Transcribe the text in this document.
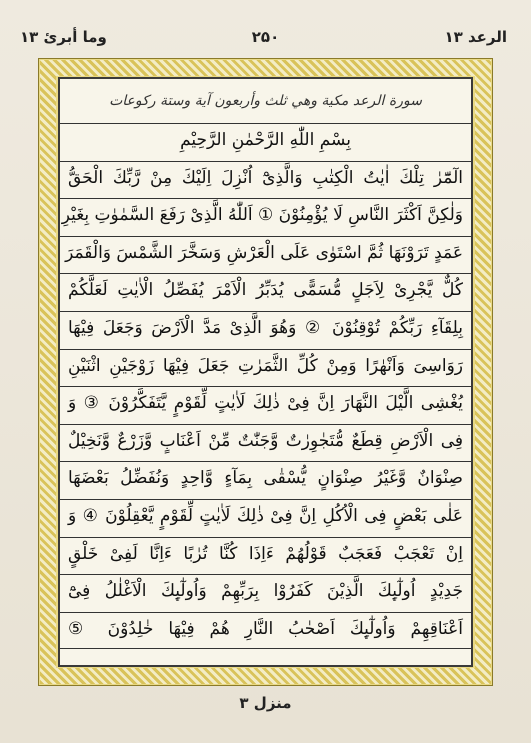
الرعد ۱۳
۲۵۰
وما أبرئ ۱۳
سورة الرعد مكية وهي ثلث وأربعون آية وستة ركوعات
بِسْمِ اللّٰهِ الرَّحْمٰنِ الرَّحِیْمِ
الٓمّٓرٰ تِلْكَ اٰیٰتُ الْكِتٰبِ وَالَّذِیْٓ اُنْزِلَ اِلَیْكَ مِنْ رَّبِّكَ الْحَقُّ
وَلٰكِنَّ اَكْثَرَ النَّاسِ لَا یُؤْمِنُوْنَ ① اَللّٰهُ الَّذِیْ رَفَعَ السَّمٰوٰتِ بِغَیْرِ
عَمَدٍ تَرَوْنَهَا ثُمَّ اسْتَوٰی عَلَی الْعَرْشِ وَسَخَّرَ الشَّمْسَ وَالْقَمَرَ
كُلٌّ یَّجْرِیْ لِاَجَلٍ مُّسَمًّی یُدَبِّرُ الْاَمْرَ یُفَصِّلُ الْاٰیٰتِ لَعَلَّكُمْ
بِلِقَآءِ رَبِّكُمْ تُوْقِنُوْنَ ② وَهُوَ الَّذِیْ مَدَّ الْاَرْضَ وَجَعَلَ فِیْهَا
رَوَاسِیَ وَاَنْهٰرًا وَمِنْ كُلِّ الثَّمَرٰتِ جَعَلَ فِیْهَا زَوْجَیْنِ اثْنَیْنِ
یُغْشِی الَّیْلَ النَّهَارَ اِنَّ فِیْ ذٰلِكَ لَاٰیٰتٍ لِّقَوْمٍ یَّتَفَكَّرُوْنَ ③ وَ
فِی الْاَرْضِ قِطَعٌ مُّتَجٰوِرٰتٌ وَّجَنّٰتٌ مِّنْ اَعْنَابٍ وَّزَرْعٌ وَّنَخِیْلٌ
صِنْوَانٌ وَّغَیْرُ صِنْوَانٍ یُّسْقٰی بِمَآءٍ وَّاحِدٍ وَنُفَضِّلُ بَعْضَهَا
عَلٰی بَعْضٍ فِی الْاُكُلِ اِنَّ فِیْ ذٰلِكَ لَاٰیٰتٍ لِّقَوْمٍ یَّعْقِلُوْنَ ④ وَ
اِنْ تَعْجَبْ فَعَجَبٌ قَوْلُهُمْ ءَاِذَا كُنَّا تُرٰبًا ءَاِنَّا لَفِیْ خَلْقٍ
جَدِیْدٍ اُولٰٓىِٕكَ الَّذِیْنَ كَفَرُوْا بِرَبِّهِمْ وَاُولٰٓىِٕكَ الْاَغْلٰلُ فِیْٓ
اَعْنَاقِهِمْ وَاُولٰٓىِٕكَ اَصْحٰبُ النَّارِ هُمْ فِیْهَا خٰلِدُوْنَ ⑤
منزل ۳
